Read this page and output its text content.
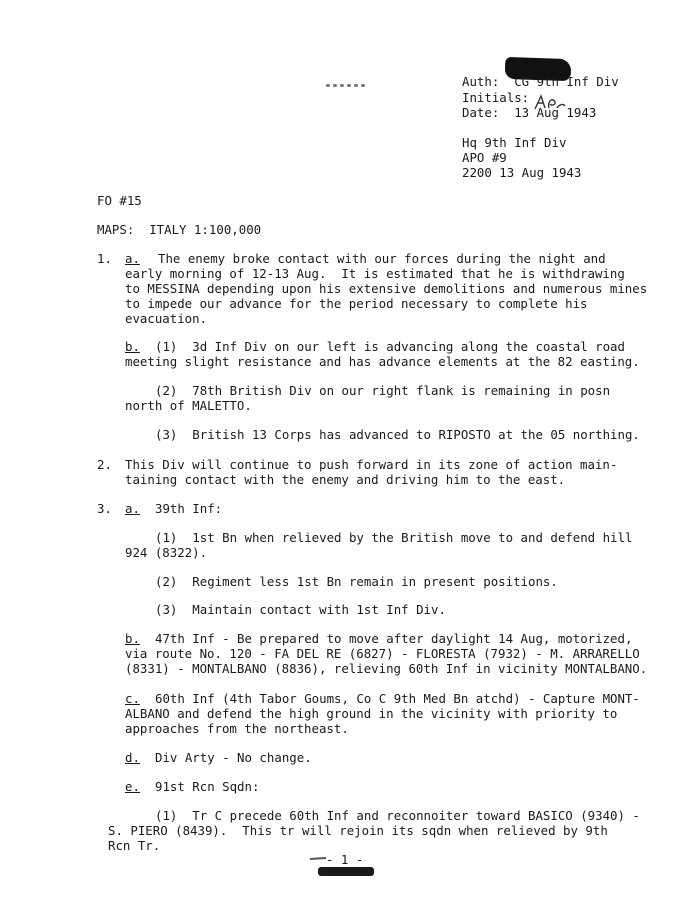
Auth:  CG 9th Inf Div
Initials:
Date:  13 Aug 1943
Hq 9th Inf Div
APO #9
2200 13 Aug 1943
FO #15
MAPS:  ITALY 1:100,000
1. a. The enemy broke contact with our forces during the night and
early morning of 12-13 Aug.  It is estimated that he is withdrawing
to MESSINA depending upon his extensive demolitions and numerous mines
to impede our advance for the period necessary to complete his
evacuation.
b. (1)  3d Inf Div on our left is advancing along the coastal road
meeting slight resistance and has advance elements at the 82 easting.
(2)  78th British Div on our right flank is remaining in posn
north of MALETTO.
(3)  British 13 Corps has advanced to RIPOSTO at the 05 northing.
2. This Div will continue to push forward in its zone of action main-
taining contact with the enemy and driving him to the east.
3. a. 39th Inf:
(1)  1st Bn when relieved by the British move to and defend hill
924 (8322).
(2)  Regiment less 1st Bn remain in present positions.
(3)  Maintain contact with 1st Inf Div.
b. 47th Inf - Be prepared to move after daylight 14 Aug, motorized,
via route No. 120 - FA DEL RE (6827) - FLORESTA (7932) - M. ARRARELLO
(8331) - MONTALBANO (8836), relieving 60th Inf in vicinity MONTALBANO.
c. 60th Inf (4th Tabor Goums, Co C 9th Med Bn atchd) - Capture MONT-
ALBANO and defend the high ground in the vicinity with priority to
approaches from the northeast.
d. Div Arty - No change.
e. 91st Rcn Sqdn:
(1)  Tr C precede 60th Inf and reconnoiter toward BASICO (9340) -
S. PIERO (8439).  This tr will rejoin its sqdn when relieved by 9th
Rcn Tr.
- 1 -
